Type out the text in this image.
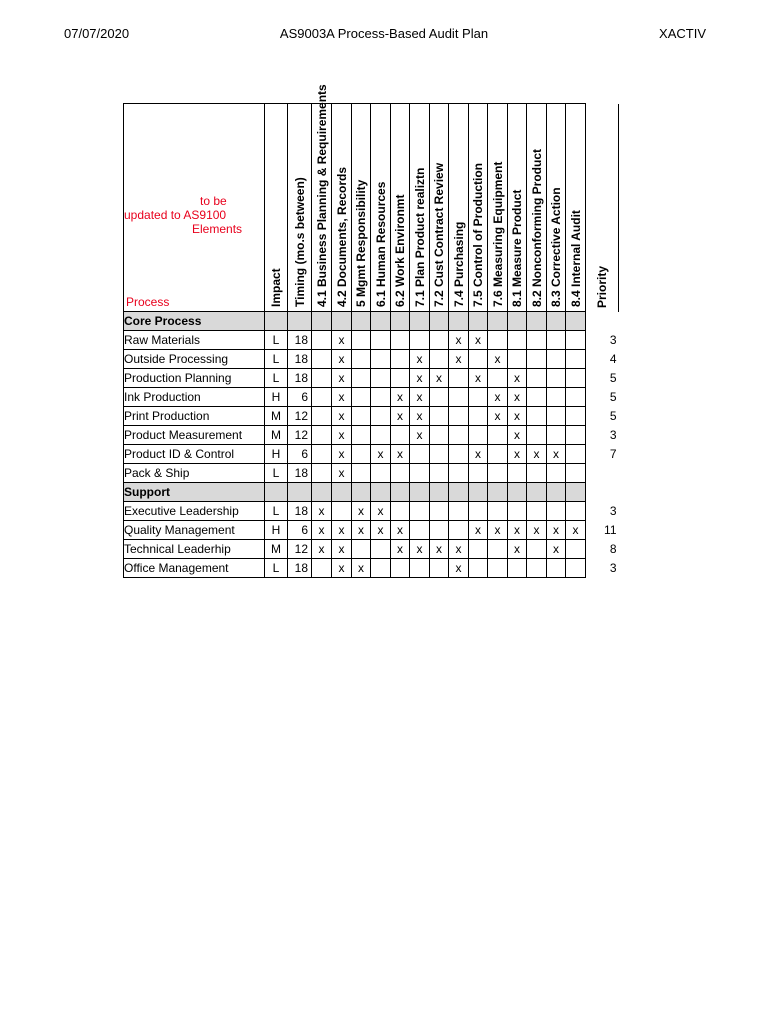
07/07/2020	AS9003A Process-Based Audit Plan	XACTIV
to be
updated to AS9100
Elements
Process	Impact	Timing (mo.s between)	4.1 Business Planning & Requirements	4.2 Documents, Records	5 Mgmt Responsibility	6.1 Human Resources	6.2 Work Environmt	7.1 Plan Product realiztn	7.2 Cust Contract Review	7.4 Purchasing	7.5 Control of Production	7.6 Measuring Equipment	8.1 Measure Product	8.2 Nonconforming Product	8.3 Corrective Action	8.4 Internal Audit	Priority

Core Process																	
Raw Materials	L	18		x						x	x						3
Outside Processing	L	18		x				x		x		x					4
Production Planning	L	18		x				x	x		x		x				5
Ink Production	H	6		x			x	x				x	x				5
Print Production	M	12		x			x	x				x	x				5
Product Measurement	M	12		x				x					x				3
Product ID & Control	H	6		x		x	x				x		x	x	x		7
Pack & Ship	L	18		x													
Support																	
Executive Leadership	L	18	x		x	x											3
Quality Management	H	6	x	x	x	x	x				x	x	x	x	x	x	11
Technical Leaderhip	M	12	x	x			x	x	x	x			x		x		8
Office Management	L	18		x	x					x							3
